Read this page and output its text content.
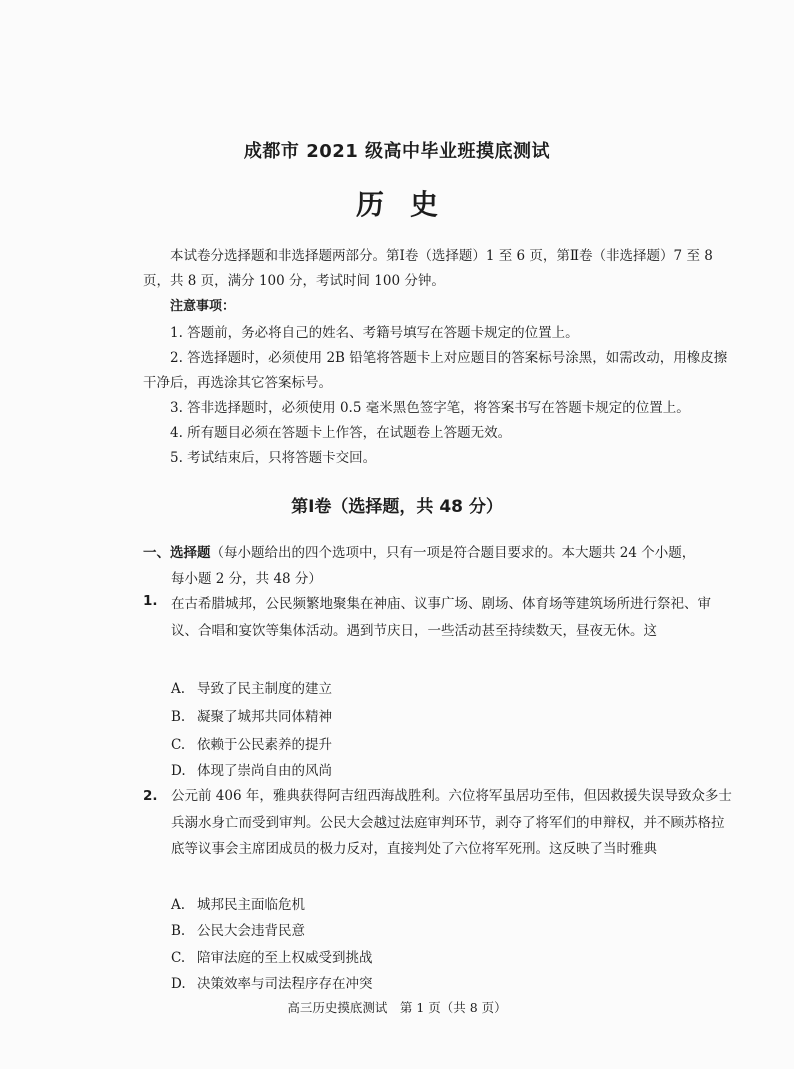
成都市 2021 级高中毕业班摸底测试
历史
本试卷分选择题和非选择题两部分。第Ⅰ卷（选择题）1 至 6 页，第Ⅱ卷（非选择题）7 至 8 页，共 8 页，满分 100 分，考试时间 100 分钟。
注意事项：
1. 答题前，务必将自己的姓名、考籍号填写在答题卡规定的位置上。
2. 答选择题时，必须使用 2B 铅笔将答题卡上对应题目的答案标号涂黑，如需改动，用橡皮擦干净后，再选涂其它答案标号。
3. 答非选择题时，必须使用 0.5 毫米黑色签字笔，将答案书写在答题卡规定的位置上。
4. 所有题目必须在答题卡上作答，在试题卷上答题无效。
5. 考试结束后，只将答题卡交回。
第Ⅰ卷（选择题，共 48 分）
一、选择题（每小题给出的四个选项中，只有一项是符合题目要求的。本大题共 24 个小题，
每小题 2 分，共 48 分）
1. 在古希腊城邦，公民频繁地聚集在神庙、议事广场、剧场、体育场等建筑场所进行祭祀、审议、合唱和宴饮等集体活动。遇到节庆日，一些活动甚至持续数天，昼夜无休。这
A. 导致了民主制度的建立
B. 凝聚了城邦共同体精神
C. 依赖于公民素养的提升
D. 体现了崇尚自由的风尚
2. 公元前 406 年，雅典获得阿吉纽西海战胜利。六位将军虽居功至伟，但因救援失误导致众多士兵溺水身亡而受到审判。公民大会越过法庭审判环节，剥夺了将军们的申辩权，并不顾苏格拉底等议事会主席团成员的极力反对，直接判处了六位将军死刑。这反映了当时雅典
A. 城邦民主面临危机
B. 公民大会违背民意
C. 陪审法庭的至上权威受到挑战
D. 决策效率与司法程序存在冲突
高三历史摸底测试　第 1 页（共 8 页）
